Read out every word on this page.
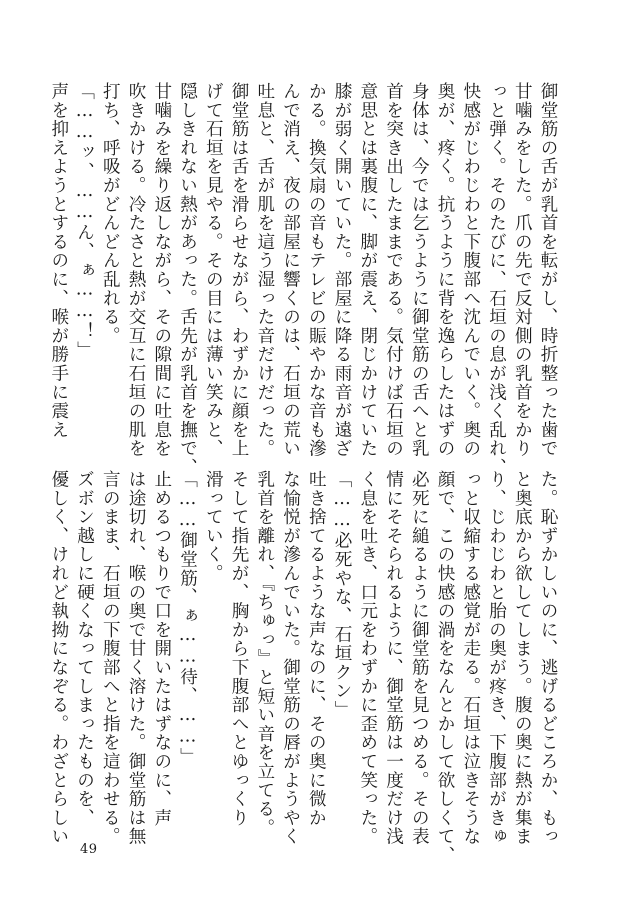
御堂筋の舌が乳首を転がし、時折整った歯で
甘噛みをした。爪の先で反対側の乳首をかり
っと弾く。そのたびに、石垣の息が浅く乱れ、
快感がじわじわと下腹部へ沈んでいく。奥の
奥が、疼く。抗うように背を逸らしたはずの
身体は、今では乞うように御堂筋の舌へと乳
首を突き出したままである。気付けば石垣の
意思とは裏腹に、脚が震え、閉じかけていた
膝が弱く開いていた。部屋に降る雨音が遠ざ
かる。換気扇の音もテレビの賑やかな音も滲
んで消え、夜の部屋に響くのは、石垣の荒い
吐息と、舌が肌を這う湿った音だけだった。
御堂筋は舌を滑らせながら、わずかに顔を上
げて石垣を見やる。その目には薄い笑みと、
隠しきれない熱があった。舌先が乳首を撫で、
甘噛みを繰り返しながら、その隙間に吐息を
吹きかける。冷たさと熱が交互に石垣の肌を
打ち、呼吸がどんどん乱れる。
「……ッ、……ん、ぁ……！」
声を抑えようとするのに、喉が勝手に震え
た。恥ずかしいのに、逃げるどころか、もっ
と奥底から欲してしまう。腹の奥に熱が集ま
り、じわじわと胎の奥が疼き、下腹部がきゅ
っと収縮する感覚が走る。石垣は泣きそうな
顔で、この快感の渦をなんとかして欲しくて、
必死に縋るように御堂筋を見つめる。その表
情にそそられるように、御堂筋は一度だけ浅
く息を吐き、口元をわずかに歪めて笑った。
「……必死やな、石垣クン」
吐き捨てるような声なのに、その奥に微か
な愉悦が滲んでいた。御堂筋の唇がようやく
乳首を離れ、『ちゅっ』と短い音を立てる。
そして指先が、胸から下腹部へとゆっくり
滑っていく。
「……御堂筋、ぁ……待、……」
止めるつもりで口を開いたはずなのに、声
は途切れ、喉の奥で甘く溶けた。御堂筋は無
言のまま、石垣の下腹部へと指を這わせる。
ズボン越しに硬くなってしまったものを、
優しく、けれど執拗になぞる。わざとらしい
49
